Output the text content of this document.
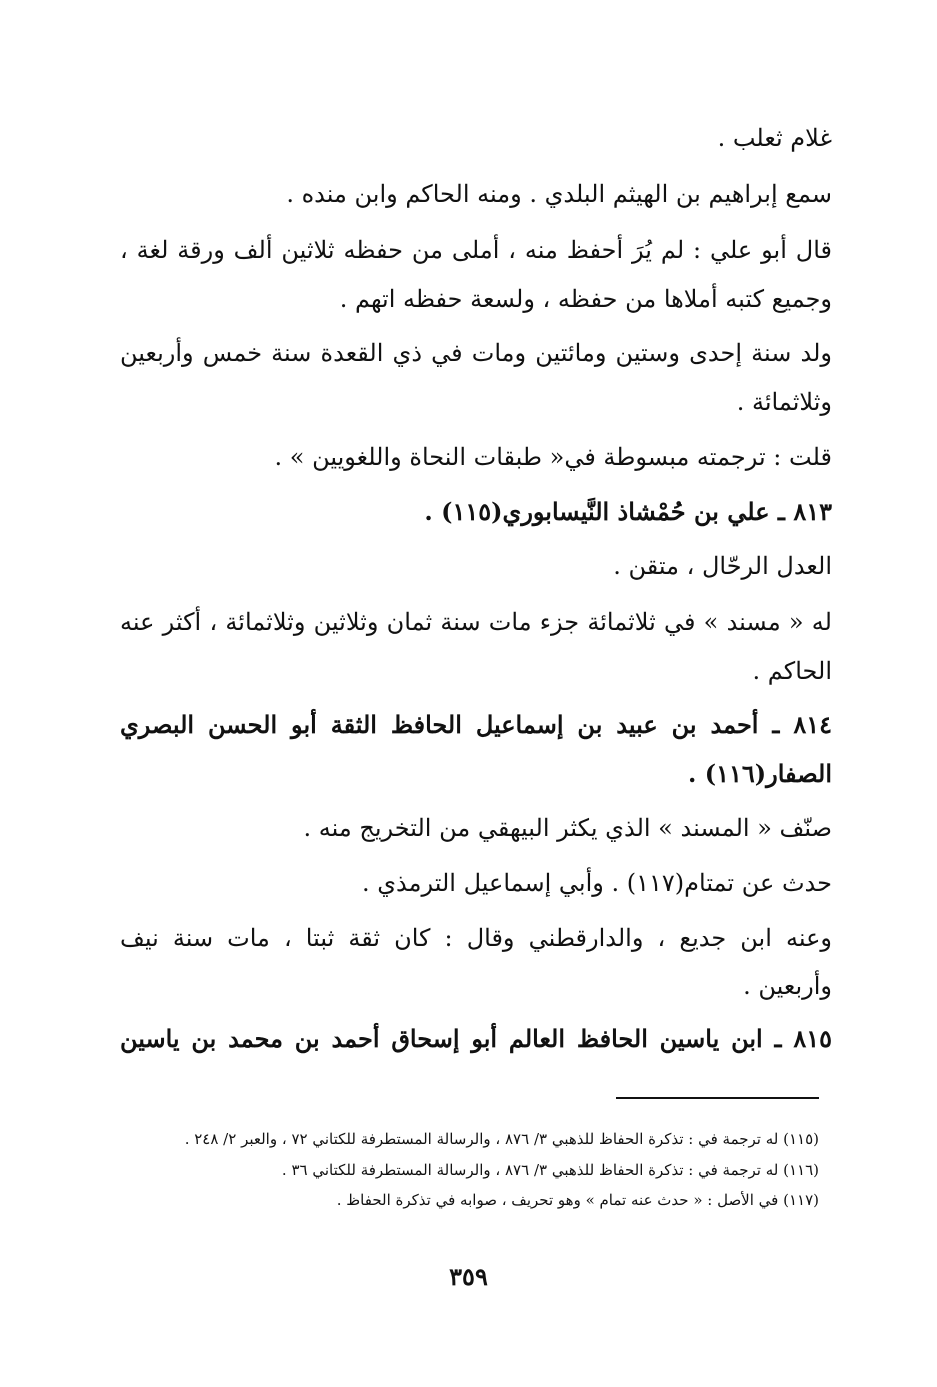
غلام ثعلب .
سمع إبراهيم بن الهيثم البلدي . ومنه الحاكم وابن منده .
قال أبو علي : لم يُرَ أحفظ منه ، أملى من حفظه ثلاثين ألف ورقة لغة ،
وجميع كتبه أملاها من حفظه ، ولسعة حفظه اتهم .
ولد سنة إحدى وستين ومائتين ومات في ذي القعدة سنة خمس وأربعين
وثلاثمائة .
قلت : ترجمته مبسوطة في« طبقات النحاة واللغويين » .
٨١٣ ـ علي بن حُمْشاذ النَّيسابوري(١١٥) .
العدل الرحّال ، متقن .
له « مسند » في ثلاثمائة جزء مات سنة ثمان وثلاثين وثلاثمائة ، أكثر عنه
الحاكم .
٨١٤ ـ أحمد بن عبيد بن إسماعيل الحافظ الثقة أبو الحسن البصري
الصفار(١١٦) .
صنّف « المسند » الذي يكثر البيهقي من التخريج منه .
حدث عن تمتام(١١٧) . وأبي إسماعيل الترمذي .
وعنه ابن جديع ، والدارقطني وقال : كان ثقة ثبتا ، مات سنة نيف
وأربعين .
٨١٥ ـ ابن ياسين الحافظ العالم أبو إسحاق أحمد بن محمد بن ياسين
(١١٥) له ترجمة في : تذكرة الحفاظ للذهبي ٣/ ٨٧٦ ، والرسالة المستطرفة للكتاني ٧٢ ، والعبر ٢/ ٢٤٨ .
(١١٦) له ترجمة في : تذكرة الحفاظ للذهبي ٣/ ٨٧٦ ، والرسالة المستطرفة للكتاني ٣٦ .
(١١٧) في الأصل : « حدث عنه تمام » وهو تحريف ، صوابه في تذكرة الحفاظ .
٣٥٩
